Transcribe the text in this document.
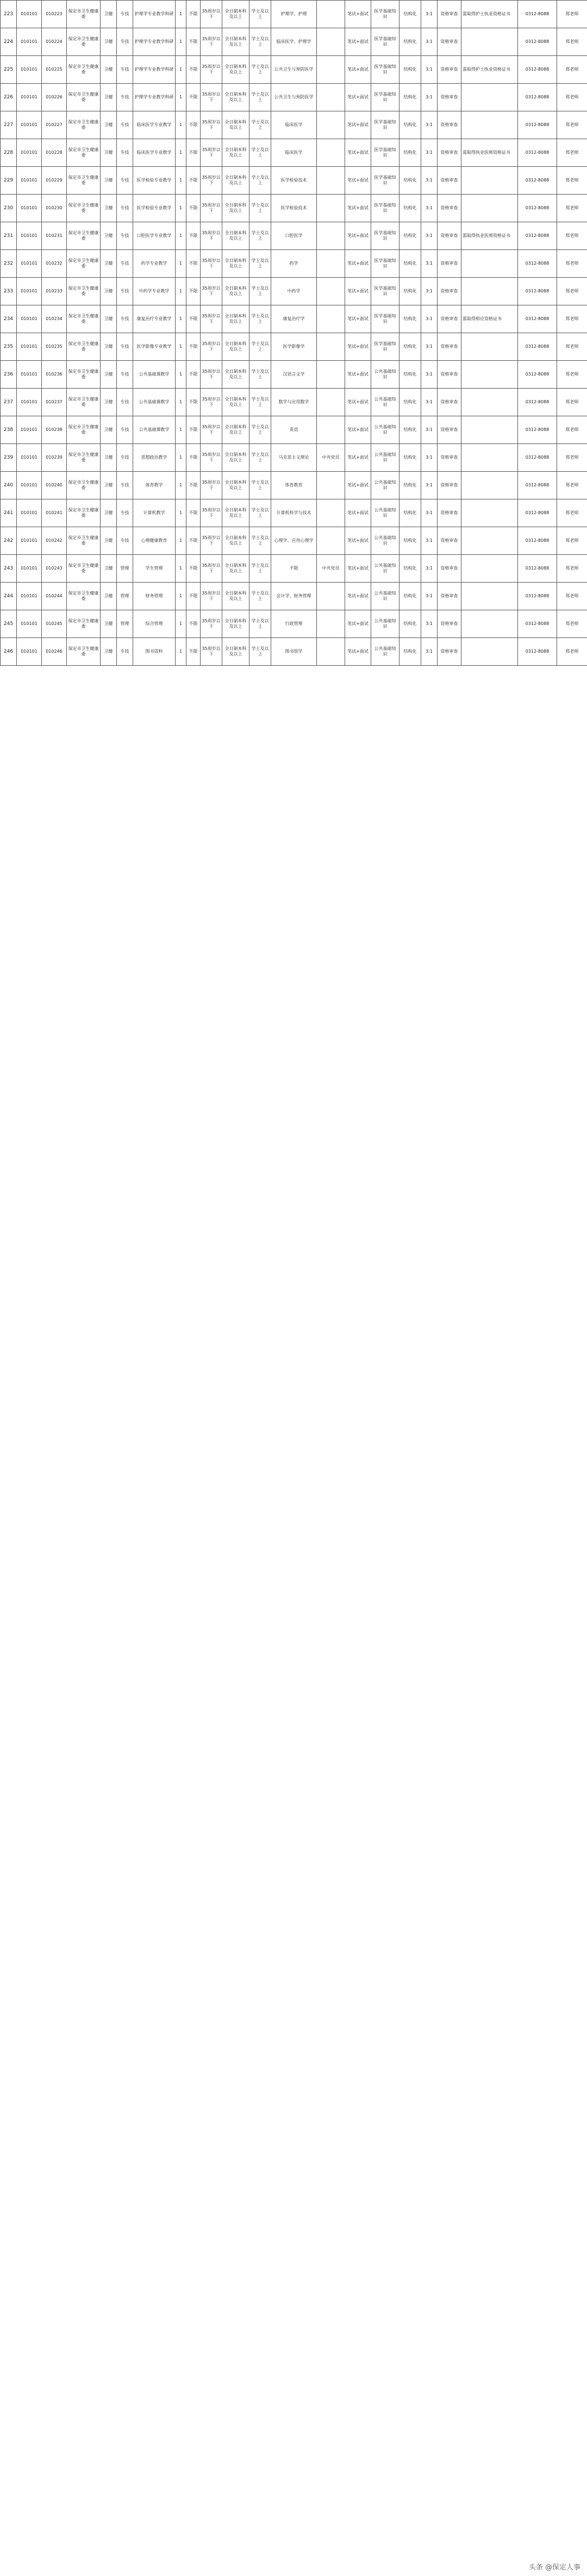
223	010101	010223	保定市卫生健康委	卫健	专技	护理学专业教学科研	1	不限	35周岁以下	全日制本科及以上	学士及以上	护理学、护理		笔试+面试	医学基础知识	结构化	3:1	资格审查	需取得护士执业资格证书	0312-8088	郑老师
224	010101	010224	保定市卫生健康委	卫健	专技	护理学专业教学科研	1	不限	35周岁以下	全日制本科及以上	学士及以上	临床医学、护理学		笔试+面试	医学基础知识	结构化	3:1	资格审查		0312-8088	郑老师
225	010101	010225	保定市卫生健康委	卫健	专技	护理学专业教学科研	1	不限	35周岁以下	全日制本科及以上	学士及以上	公共卫生与预防医学		笔试+面试	医学基础知识	结构化	3:1	资格审查	需取得护士执业资格证书	0312-8088	郑老师
226	010101	010226	保定市卫生健康委	卫健	专技	护理学专业教学科研	1	不限	35周岁以下	全日制本科及以上	学士及以上	公共卫生与预防医学		笔试+面试	医学基础知识	结构化	3:1	资格审查		0312-8088	郑老师
227	010101	010227	保定市卫生健康委	卫健	专技	临床医学专业教学	1	不限	35周岁以下	全日制本科及以上	学士及以上	临床医学		笔试+面试	医学基础知识	结构化	3:1	资格审查		0312-8088	郑老师
228	010101	010228	保定市卫生健康委	卫健	专技	临床医学专业教学	1	不限	35周岁以下	全日制本科及以上	学士及以上	临床医学		笔试+面试	医学基础知识	结构化	3:1	资格审查	需取得执业医师资格证书	0312-8088	郑老师
229	010101	010229	保定市卫生健康委	卫健	专技	医学检验专业教学	1	不限	35周岁以下	全日制本科及以上	学士及以上	医学检验技术		笔试+面试	医学基础知识	结构化	3:1	资格审查		0312-8088	郑老师
230	010101	010230	保定市卫生健康委	卫健	专技	医学检验专业教学	1	不限	35周岁以下	全日制本科及以上	学士及以上	医学检验技术		笔试+面试	医学基础知识	结构化	3:1	资格审查		0312-8088	郑老师
231	010101	010231	保定市卫生健康委	卫健	专技	口腔医学专业教学	1	不限	35周岁以下	全日制本科及以上	学士及以上	口腔医学		笔试+面试	医学基础知识	结构化	3:1	资格审查	需取得执业医师资格证书	0312-8088	郑老师
232	010101	010232	保定市卫生健康委	卫健	专技	药学专业教学	1	不限	35周岁以下	全日制本科及以上	学士及以上	药学		笔试+面试	医学基础知识	结构化	3:1	资格审查		0312-8088	郑老师
233	010101	010233	保定市卫生健康委	卫健	专技	中药学专业教学	1	不限	35周岁以下	全日制本科及以上	学士及以上	中药学		笔试+面试	医学基础知识	结构化	3:1	资格审查		0312-8088	郑老师
234	010101	010234	保定市卫生健康委	卫健	专技	康复治疗专业教学	1	不限	35周岁以下	全日制本科及以上	学士及以上	康复治疗学		笔试+面试	医学基础知识	结构化	3:1	资格审查	需取得相应资格证书	0312-8088	郑老师
235	010101	010235	保定市卫生健康委	卫健	专技	医学影像专业教学	1	不限	35周岁以下	全日制本科及以上	学士及以上	医学影像学		笔试+面试	医学基础知识	结构化	3:1	资格审查		0312-8088	郑老师
236	010101	010236	保定市卫生健康委	卫健	专技	公共基础课教学	1	不限	35周岁以下	全日制本科及以上	学士及以上	汉语言文学		笔试+面试	公共基础知识	结构化	3:1	资格审查		0312-8088	郑老师
237	010101	010237	保定市卫生健康委	卫健	专技	公共基础课教学	1	不限	35周岁以下	全日制本科及以上	学士及以上	数学与应用数学		笔试+面试	公共基础知识	结构化	3:1	资格审查		0312-8088	郑老师
238	010101	010238	保定市卫生健康委	卫健	专技	公共基础课教学	1	不限	35周岁以下	全日制本科及以上	学士及以上	英语		笔试+面试	公共基础知识	结构化	3:1	资格审查		0312-8088	郑老师
239	010101	010239	保定市卫生健康委	卫健	专技	思想政治教学	1	不限	35周岁以下	全日制本科及以上	学士及以上	马克思主义理论	中共党员	笔试+面试	公共基础知识	结构化	3:1	资格审查		0312-8088	郑老师
240	010101	010240	保定市卫生健康委	卫健	专技	体育教学	1	不限	35周岁以下	全日制本科及以上	学士及以上	体育教育		笔试+面试	公共基础知识	结构化	3:1	资格审查		0312-8088	郑老师
241	010101	010241	保定市卫生健康委	卫健	专技	计算机教学	1	不限	35周岁以下	全日制本科及以上	学士及以上	计算机科学与技术		笔试+面试	公共基础知识	结构化	3:1	资格审查		0312-8088	郑老师
242	010101	010242	保定市卫生健康委	卫健	专技	心理健康教育	1	不限	35周岁以下	全日制本科及以上	学士及以上	心理学、应用心理学		笔试+面试	公共基础知识	结构化	3:1	资格审查		0312-8088	郑老师
243	010101	010243	保定市卫生健康委	卫健	管理	学生管理	1	不限	35周岁以下	全日制本科及以上	学士及以上	不限	中共党员	笔试+面试	公共基础知识	结构化	3:1	资格审查		0312-8088	郑老师
244	010101	010244	保定市卫生健康委	卫健	管理	财务管理	1	不限	35周岁以下	全日制本科及以上	学士及以上	会计学、财务管理		笔试+面试	公共基础知识	结构化	3:1	资格审查		0312-8088	郑老师
245	010101	010245	保定市卫生健康委	卫健	管理	综合管理	1	不限	35周岁以下	全日制本科及以上	学士及以上	行政管理		笔试+面试	公共基础知识	结构化	3:1	资格审查		0312-8088	郑老师
246	010101	010246	保定市卫生健康委	卫健	专技	图书资料	1	不限	35周岁以下	全日制本科及以上	学士及以上	图书馆学		笔试+面试	公共基础知识	结构化	3:1	资格审查		0312-8088	郑老师
头条 @保定人事
